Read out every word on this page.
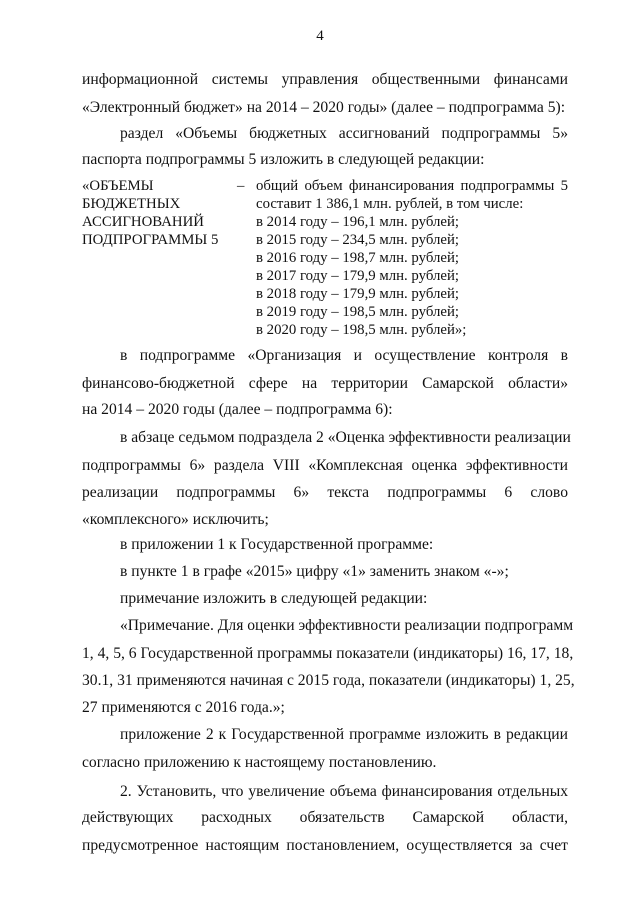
4
информационной системы управления общественными финансами
«Электронный бюджет» на 2014 – 2020 годы» (далее – подпрограмма 5):
раздел «Объемы бюджетных ассигнований подпрограммы 5»
паспорта подпрограммы 5 изложить в следующей редакции:
«ОБЪЕМЫ
БЮДЖЕТНЫХ
АССИГНОВАНИЙ
ПОДПРОГРАММЫ 5
– общий объем финансирования подпрограммы 5
составит 1 386,1 млн. рублей, в том числе:
в 2014 году – 196,1 млн. рублей;
в 2015 году – 234,5 млн. рублей;
в 2016 году – 198,7 млн. рублей;
в 2017 году – 179,9 млн. рублей;
в 2018 году – 179,9 млн. рублей;
в 2019 году – 198,5 млн. рублей;
в 2020 году – 198,5 млн. рублей»;
в подпрограмме «Организация и осуществление контроля в
финансово-бюджетной сфере на территории Самарской области»
на 2014 – 2020 годы (далее – подпрограмма 6):
в абзаце седьмом подраздела 2 «Оценка эффективности реализации
подпрограммы 6» раздела VIII «Комплексная оценка эффективности
реализации подпрограммы 6» текста подпрограммы 6 слово
«комплексного» исключить;
в приложении 1 к Государственной программе:
в пункте 1 в графе «2015» цифру «1» заменить знаком «-»;
примечание изложить в следующей редакции:
«Примечание. Для оценки эффективности реализации подпрограмм
1, 4, 5, 6 Государственной программы показатели (индикаторы) 16, 17, 18,
30.1, 31 применяются начиная с 2015 года, показатели (индикаторы) 1, 25,
27 применяются с 2016 года.»;
приложение 2 к Государственной программе изложить в редакции
согласно приложению к настоящему постановлению.
2. Установить, что увеличение объема финансирования отдельных
действующих расходных обязательств Самарской области,
предусмотренное настоящим постановлением, осуществляется за счет
